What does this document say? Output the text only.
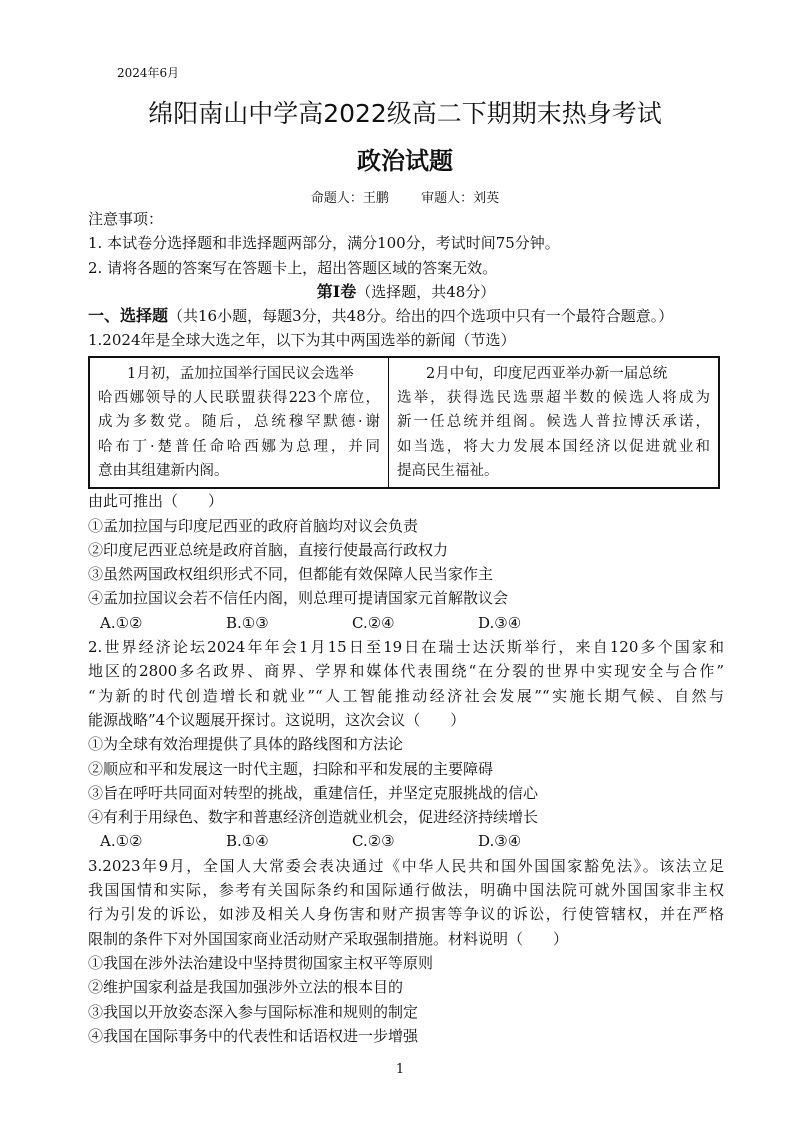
2024年6月
绵阳南山中学高2022级高二下期期末热身考试
政治试题
命题人：王鹏 审题人：刘英
注意事项：
1. 本试卷分选择题和非选择题两部分，满分100分，考试时间75分钟。
2. 请将各题的答案写在答题卡上，超出答题区域的答案无效。
第Ⅰ卷（选择题，共48分）
一、选择题（共16小题，每题3分，共48分。给出的四个选项中只有一个最符合题意。）
1.2024年是全球大选之年，以下为其中两国选举的新闻（节选）
1月初，孟加拉国举行国民议会选举
哈西娜领导的人民联盟获得223个席位，
成为多数党。随后，总统穆罕默德·谢
哈布丁·楚普任命哈西娜为总理，并同
意由其组建新内阁。

2月中旬，印度尼西亚举办新一届总统
选举，获得选民选票超半数的候选人将成为
新一任总统并组阁。候选人普拉博沃承诺，
如当选，将大力发展本国经济以促进就业和
提高民生福祉。
由此可推出（　　）
①孟加拉国与印度尼西亚的政府首脑均对议会负责
②印度尼西亚总统是政府首脑，直接行使最高行政权力
③虽然两国政权组织形式不同，但都能有效保障人民当家作主
④孟加拉国议会若不信任内阁，则总理可提请国家元首解散议会
A.①②	B.①③	C.②④	D.③④
2.世界经济论坛2024年年会1月15日至19日在瑞士达沃斯举行，来自120多个国家和
地区的2800多名政界、商界、学界和媒体代表围绕“在分裂的世界中实现安全与合作”
“为新的时代创造增长和就业”“人工智能推动经济社会发展”“实施长期气候、自然与
能源战略”4个议题展开探讨。这说明，这次会议（　　）
①为全球有效治理提供了具体的路线图和方法论
②顺应和平和发展这一时代主题，扫除和平和发展的主要障碍
③旨在呼吁共同面对转型的挑战，重建信任，并坚定克服挑战的信心
④有利于用绿色、数字和普惠经济创造就业机会，促进经济持续增长
A.①②	B.①④	C.②③	D.③④
3.2023年9月，全国人大常委会表决通过《中华人民共和国外国国家豁免法》。该法立足
我国国情和实际，参考有关国际条约和国际通行做法，明确中国法院可就外国国家非主权
行为引发的诉讼，如涉及相关人身伤害和财产损害等争议的诉讼，行使管辖权，并在严格
限制的条件下对外国国家商业活动财产采取强制措施。材料说明（　　）
①我国在涉外法治建设中坚持贯彻国家主权平等原则
②维护国家利益是我国加强涉外立法的根本目的
③我国以开放姿态深入参与国际标准和规则的制定
④我国在国际事务中的代表性和话语权进一步增强
1
